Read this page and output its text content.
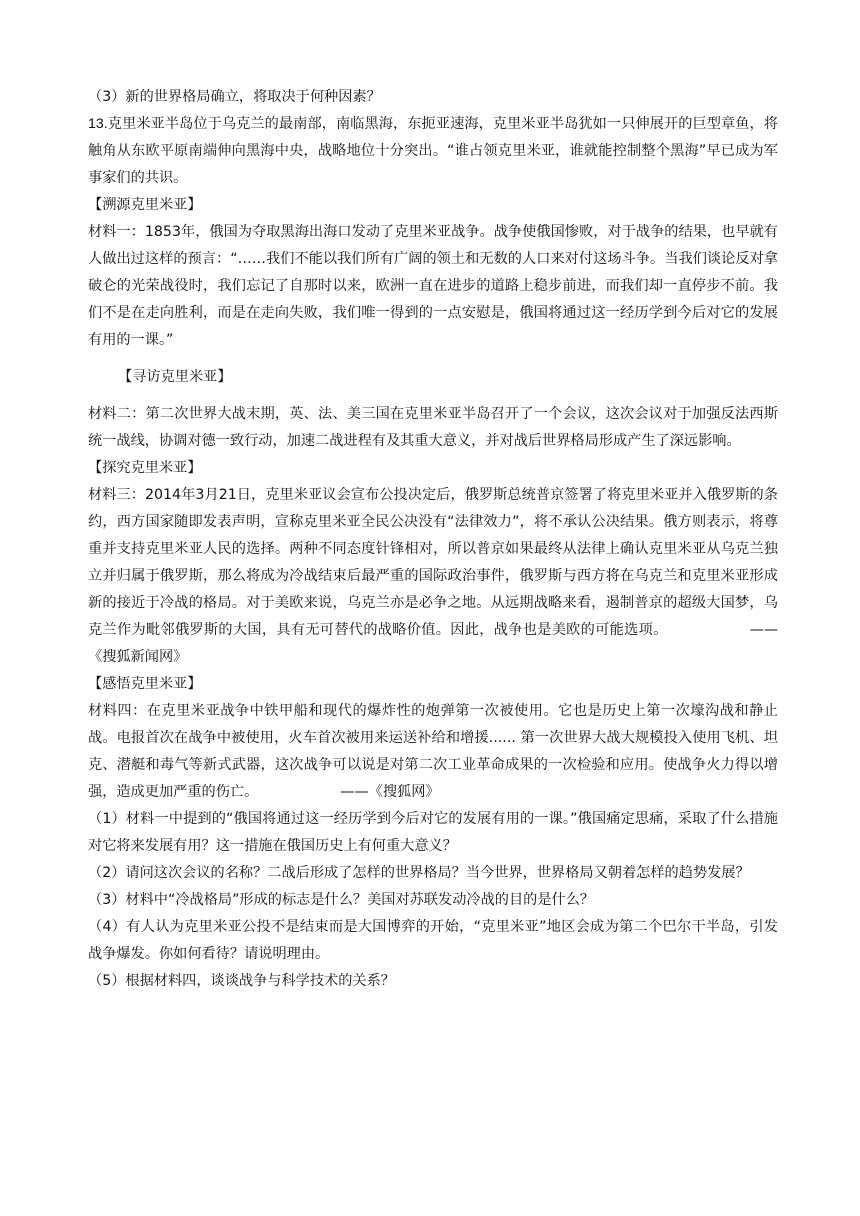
（3）新的世界格局确立，将取决于何种因素？

13.克里米亚半岛位于乌克兰的最南部，南临黑海，东扼亚速海，克里米亚半岛犹如一只伸展开的巨型章鱼，将触角从东欧平原南端伸向黑海中央，战略地位十分突出。“谁占领克里米亚，谁就能控制整个黑海”早已成为军事家们的共识。

【溯源克里米亚】

材料一：1853年，俄国为夺取黑海出海口发动了克里米亚战争。战争使俄国惨败，对于战争的结果，也早就有人做出过这样的预言：“……我们不能以我们所有广阔的领土和无数的人口来对付这场斗争。当我们谈论反对拿破仑的光荣战役时，我们忘记了自那时以来，欧洲一直在进步的道路上稳步前进，而我们却一直停步不前。我们不是在走向胜利，而是在走向失败，我们唯一得到的一点安慰是，俄国将通过这一经历学到今后对它的发展有用的一课。”

【寻访克里米亚】

材料二：第二次世界大战末期，英、法、美三国在克里米亚半岛召开了一个会议，这次会议对于加强反法西斯统一战线，协调对德一致行动，加速二战进程有及其重大意义，并对战后世界格局形成产生了深远影响。

【探究克里米亚】

材料三：2014年3月21日，克里米亚议会宣布公投决定后，俄罗斯总统普京签署了将克里米亚并入俄罗斯的条约，西方国家随即发表声明，宣称克里米亚全民公决没有“法律效力”，将不承认公决结果。俄方则表示，将尊重并支持克里米亚人民的选择。两种不同态度针锋相对，所以普京如果最终从法律上确认克里米亚从乌克兰独立并归属于俄罗斯，那么将成为冷战结束后最严重的国际政治事件，俄罗斯与西方将在乌克兰和克里米亚形成新的接近于冷战的格局。对于美欧来说，乌克兰亦是必争之地。从远期战略来看，遏制普京的超级大国梦，乌克兰作为毗邻俄罗斯的大国，具有无可替代的战略价值。因此，战争也是美欧的可能选项。	——《搜狐新闻网》

【感悟克里米亚】

材料四：在克里米亚战争中铁甲船和现代的爆炸性的炮弹第一次被使用。它也是历史上第一次壕沟战和静止战。电报首次在战争中被使用，火车首次被用来运送补给和增援...... 第一次世界大战大规模投入使用飞机、坦克、潜艇和毒气等新式武器，这次战争可以说是对第二次工业革命成果的一次检验和应用。使战争火力得以增强，造成更加严重的伤亡。	——《搜狐网》

（1）材料一中提到的“俄国将通过这一经历学到今后对它的发展有用的一课。”俄国痛定思痛，采取了什么措施对它将来发展有用？这一措施在俄国历史上有何重大意义？

（2）请问这次会议的名称？二战后形成了怎样的世界格局？当今世界，世界格局又朝着怎样的趋势发展？

（3）材料中“冷战格局”形成的标志是什么？美国对苏联发动冷战的目的是什么？

（4）有人认为克里米亚公投不是结束而是大国博弈的开始，“克里米亚”地区会成为第二个巴尔干半岛，引发战争爆发。你如何看待？请说明理由。

（5）根据材料四，谈谈战争与科学技术的关系？
